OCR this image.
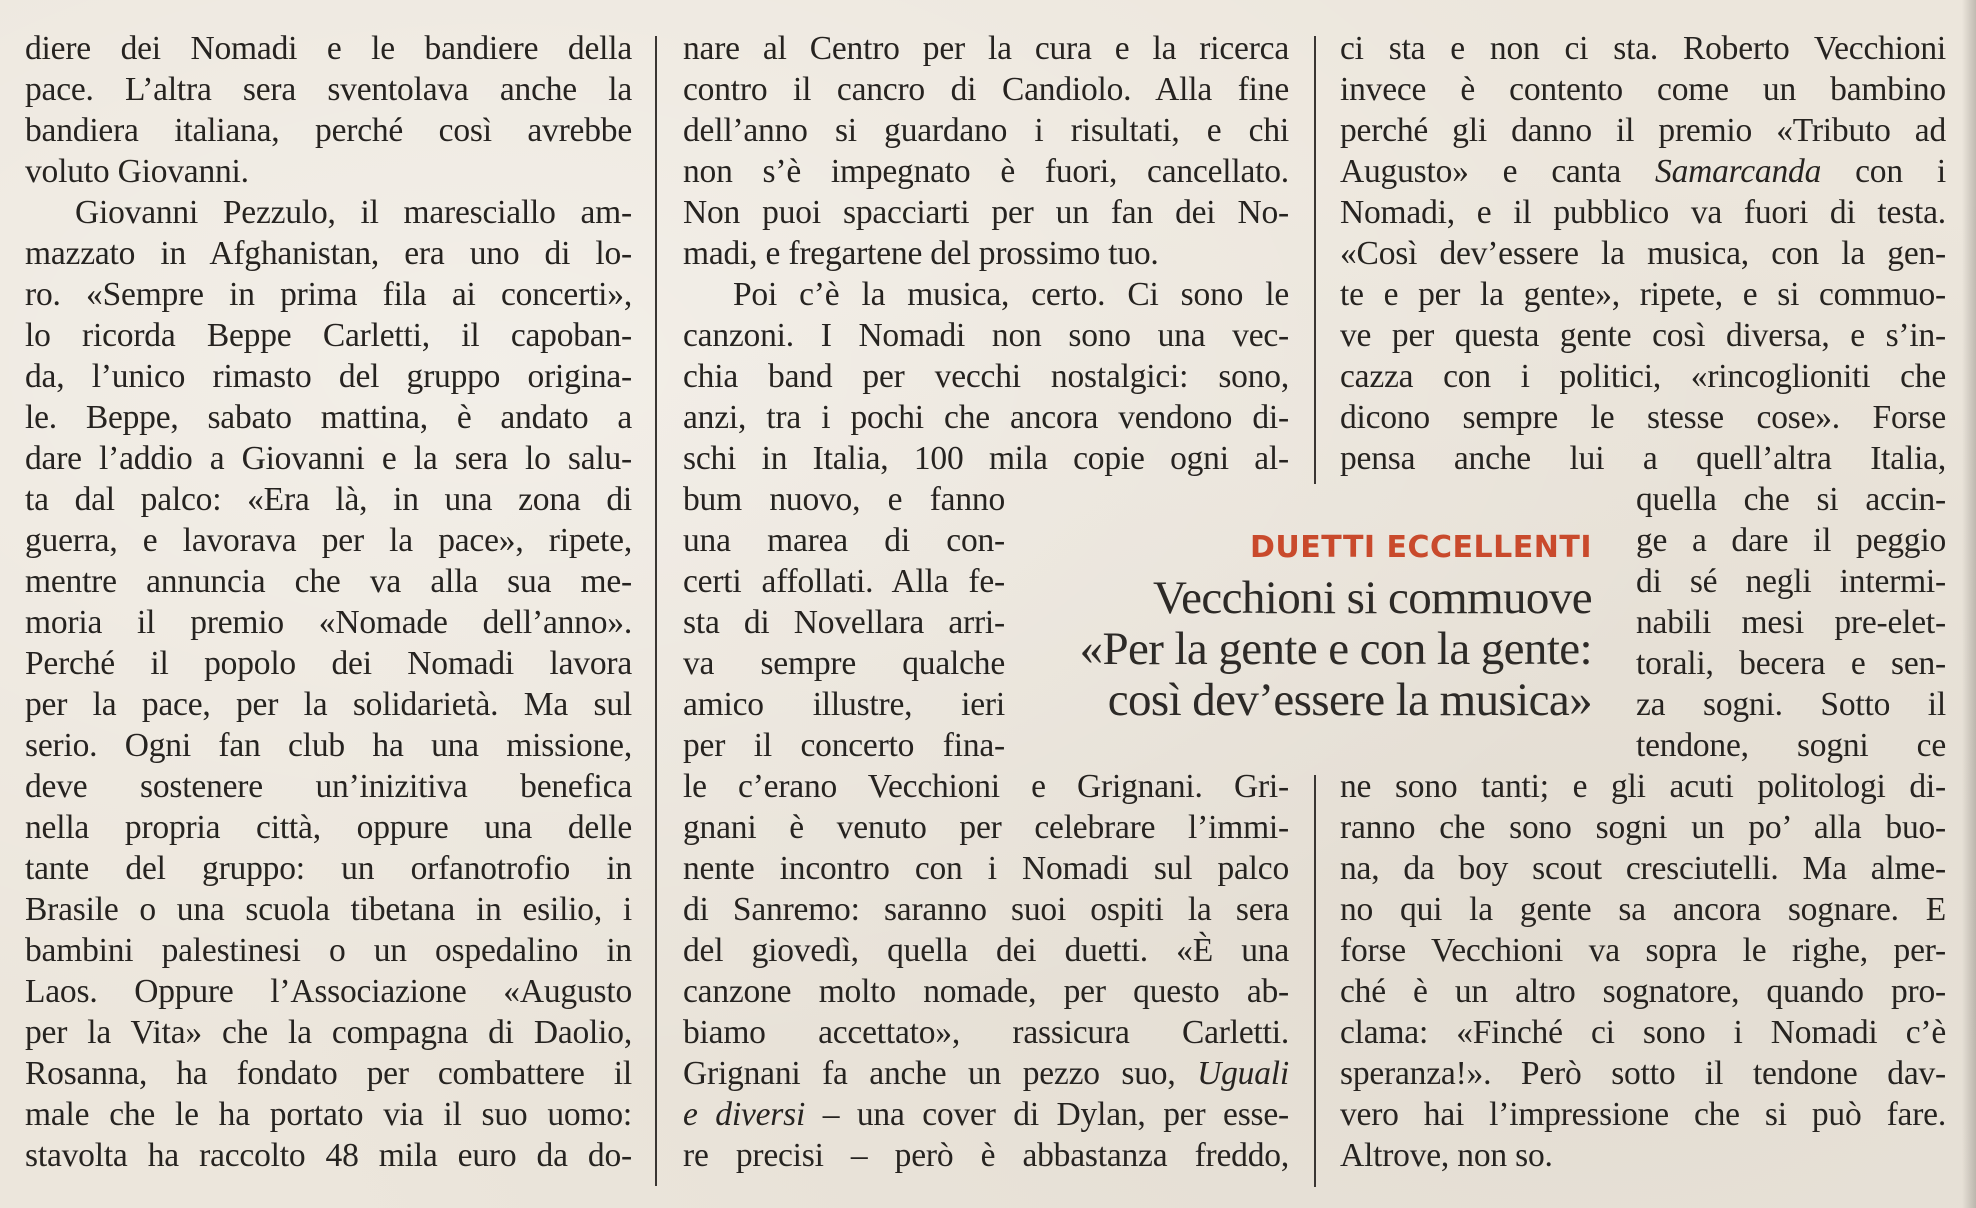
diere dei Nomadi e le bandiere della
pace. L’altra sera sventolava anche la
bandiera italiana, perché così avrebbe
voluto Giovanni.
Giovanni Pezzulo, il maresciallo am-
mazzato in Afghanistan, era uno di lo-
ro. «Sempre in prima fila ai concerti»,
lo ricorda Beppe Carletti, il capoban-
da, l’unico rimasto del gruppo origina-
le. Beppe, sabato mattina, è andato a
dare l’addio a Giovanni e la sera lo salu-
ta dal palco: «Era là, in una zona di
guerra, e lavorava per la pace», ripete,
mentre annuncia che va alla sua me-
moria il premio «Nomade dell’anno».
Perché il popolo dei Nomadi lavora
per la pace, per la solidarietà. Ma sul
serio. Ogni fan club ha una missione,
deve sostenere un’inizitiva benefica
nella propria città, oppure una delle
tante del gruppo: un orfanotrofio in
Brasile o una scuola tibetana in esilio, i
bambini palestinesi o un ospedalino in
Laos. Oppure l’Associazione «Augusto
per la Vita» che la compagna di Daolio,
Rosanna, ha fondato per combattere il
male che le ha portato via il suo uomo:
stavolta ha raccolto 48 mila euro da do-
nare al Centro per la cura e la ricerca
contro il cancro di Candiolo. Alla fine
dell’anno si guardano i risultati, e chi
non s’è impegnato è fuori, cancellato.
Non puoi spacciarti per un fan dei No-
madi, e fregartene del prossimo tuo.
Poi c’è la musica, certo. Ci sono le
canzoni. I Nomadi non sono una vec-
chia band per vecchi nostalgici: sono,
anzi, tra i pochi che ancora vendono di-
schi in Italia, 100 mila copie ogni al-
bum nuovo, e fanno
una marea di con-
certi affollati. Alla fe-
sta di Novellara arri-
va sempre qualche
amico illustre, ieri
per il concerto fina-
le c’erano Vecchioni e Grignani. Gri-
gnani è venuto per celebrare l’immi-
nente incontro con i Nomadi sul palco
di Sanremo: saranno suoi ospiti la sera
del giovedì, quella dei duetti. «È una
canzone molto nomade, per questo ab-
biamo accettato», rassicura Carletti.
Grignani fa anche un pezzo suo, Uguali
e diversi – una cover di Dylan, per esse-
re precisi – però è abbastanza freddo,
ci sta e non ci sta. Roberto Vecchioni
invece è contento come un bambino
perché gli danno il premio «Tributo ad
Augusto» e canta Samarcanda con i
Nomadi, e il pubblico va fuori di testa.
«Così dev’essere la musica, con la gen-
te e per la gente», ripete, e si commuo-
ve per questa gente così diversa, e s’in-
cazza con i politici, «rincoglioniti che
dicono sempre le stesse cose». Forse
pensa anche lui a quell’altra Italia,
quella che si accin-
ge a dare il peggio
di sé negli intermi-
nabili mesi pre-elet-
torali, becera e sen-
za sogni. Sotto il
tendone, sogni ce
ne sono tanti; e gli acuti politologi di-
ranno che sono sogni un po’ alla buo-
na, da boy scout cresciutelli. Ma alme-
no qui la gente sa ancora sognare. E
forse Vecchioni va sopra le righe, per-
ché è un altro sognatore, quando pro-
clama: «Finché ci sono i Nomadi c’è
speranza!». Però sotto il tendone dav-
vero hai l’impressione che si può fare.
Altrove, non so.
DUETTI ECCELLENTI
Vecchioni si commuove
«Per la gente e con la gente:
così dev’essere la musica»
